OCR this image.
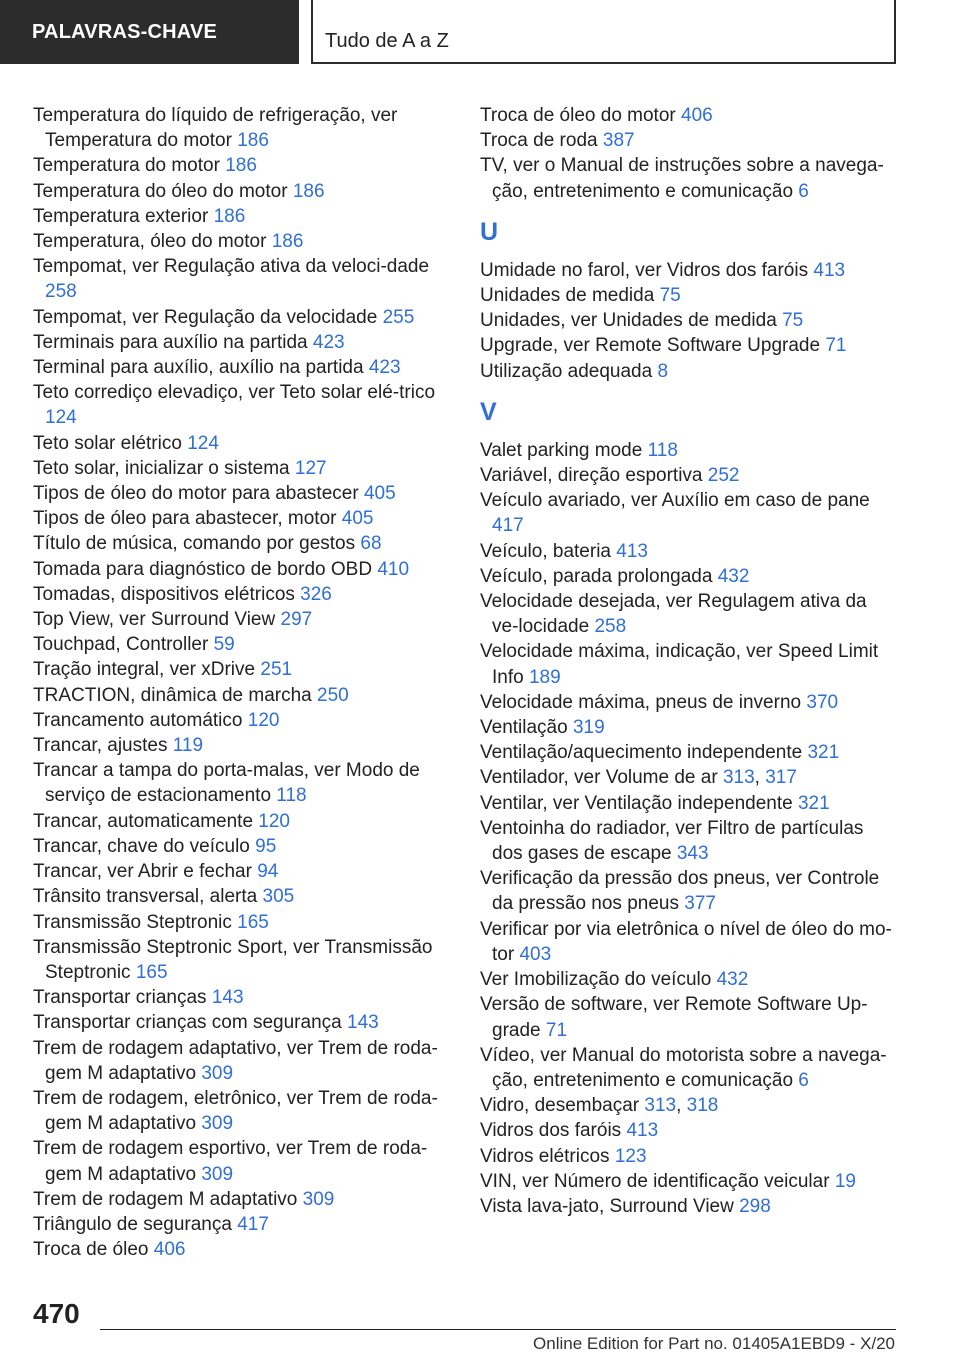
PALAVRAS-CHAVE	Tudo de A a Z
Temperatura do líquido de refrigeração, ver Temperatura do motor 186
Temperatura do motor 186
Temperatura do óleo do motor 186
Temperatura exterior 186
Temperatura, óleo do motor 186
Tempomat, ver Regulação ativa da veloci‐dade 258
Tempomat, ver Regulação da velocidade 255
Terminais para auxílio na partida 423
Terminal para auxílio, auxílio na partida 423
Teto corrediço elevadiço, ver Teto solar elé‐trico 124
Teto solar elétrico 124
Teto solar, inicializar o sistema 127
Tipos de óleo do motor para abastecer 405
Tipos de óleo para abastecer, motor 405
Título de música, comando por gestos 68
Tomada para diagnóstico de bordo OBD 410
Tomadas, dispositivos elétricos 326
Top View, ver Surround View 297
Touchpad, Controller 59
Tração integral, ver xDrive 251
TRACTION, dinâmica de marcha 250
Trancamento automático 120
Trancar, ajustes 119
Trancar a tampa do porta-malas, ver Modo de serviço de estacionamento 118
Trancar, automaticamente 120
Trancar, chave do veículo 95
Trancar, ver Abrir e fechar 94
Trânsito transversal, alerta 305
Transmissão Steptronic 165
Transmissão Steptronic Sport, ver Transmissão Steptronic 165
Transportar crianças 143
Transportar crianças com segurança 143
Trem de rodagem adaptativo, ver Trem de roda‐gem M adaptativo 309
Trem de rodagem, eletrônico, ver Trem de roda‐gem M adaptativo 309
Trem de rodagem esportivo, ver Trem de roda‐gem M adaptativo 309
Trem de rodagem M adaptativo 309
Triângulo de segurança 417
Troca de óleo 406
Troca de óleo do motor 406
Troca de roda 387
TV, ver o Manual de instruções sobre a navega‐ção, entretenimento e comunicação 6
U
Umidade no farol, ver Vidros dos faróis 413
Unidades de medida 75
Unidades, ver Unidades de medida 75
Upgrade, ver Remote Software Upgrade 71
Utilização adequada 8
V
Valet parking mode 118
Variável, direção esportiva 252
Veículo avariado, ver Auxílio em caso de pane 417
Veículo, bateria 413
Veículo, parada prolongada 432
Velocidade desejada, ver Regulagem ativa da ve‐locidade 258
Velocidade máxima, indicação, ver Speed Limit Info 189
Velocidade máxima, pneus de inverno 370
Ventilação 319
Ventilação/aquecimento independente 321
Ventilador, ver Volume de ar 313, 317
Ventilar, ver Ventilação independente 321
Ventoinha do radiador, ver Filtro de partículas dos gases de escape 343
Verificação da pressão dos pneus, ver Controle da pressão nos pneus 377
Verificar por via eletrônica o nível de óleo do mo‐tor 403
Ver Imobilização do veículo 432
Versão de software, ver Remote Software Up‐grade 71
Vídeo, ver Manual do motorista sobre a navega‐ção, entretenimento e comunicação 6
Vidro, desembaçar 313, 318
Vidros dos faróis 413
Vidros elétricos 123
VIN, ver Número de identificação veicular 19
Vista lava-jato, Surround View 298
470
Online Edition for Part no. 01405A1EBD9 - X/20
